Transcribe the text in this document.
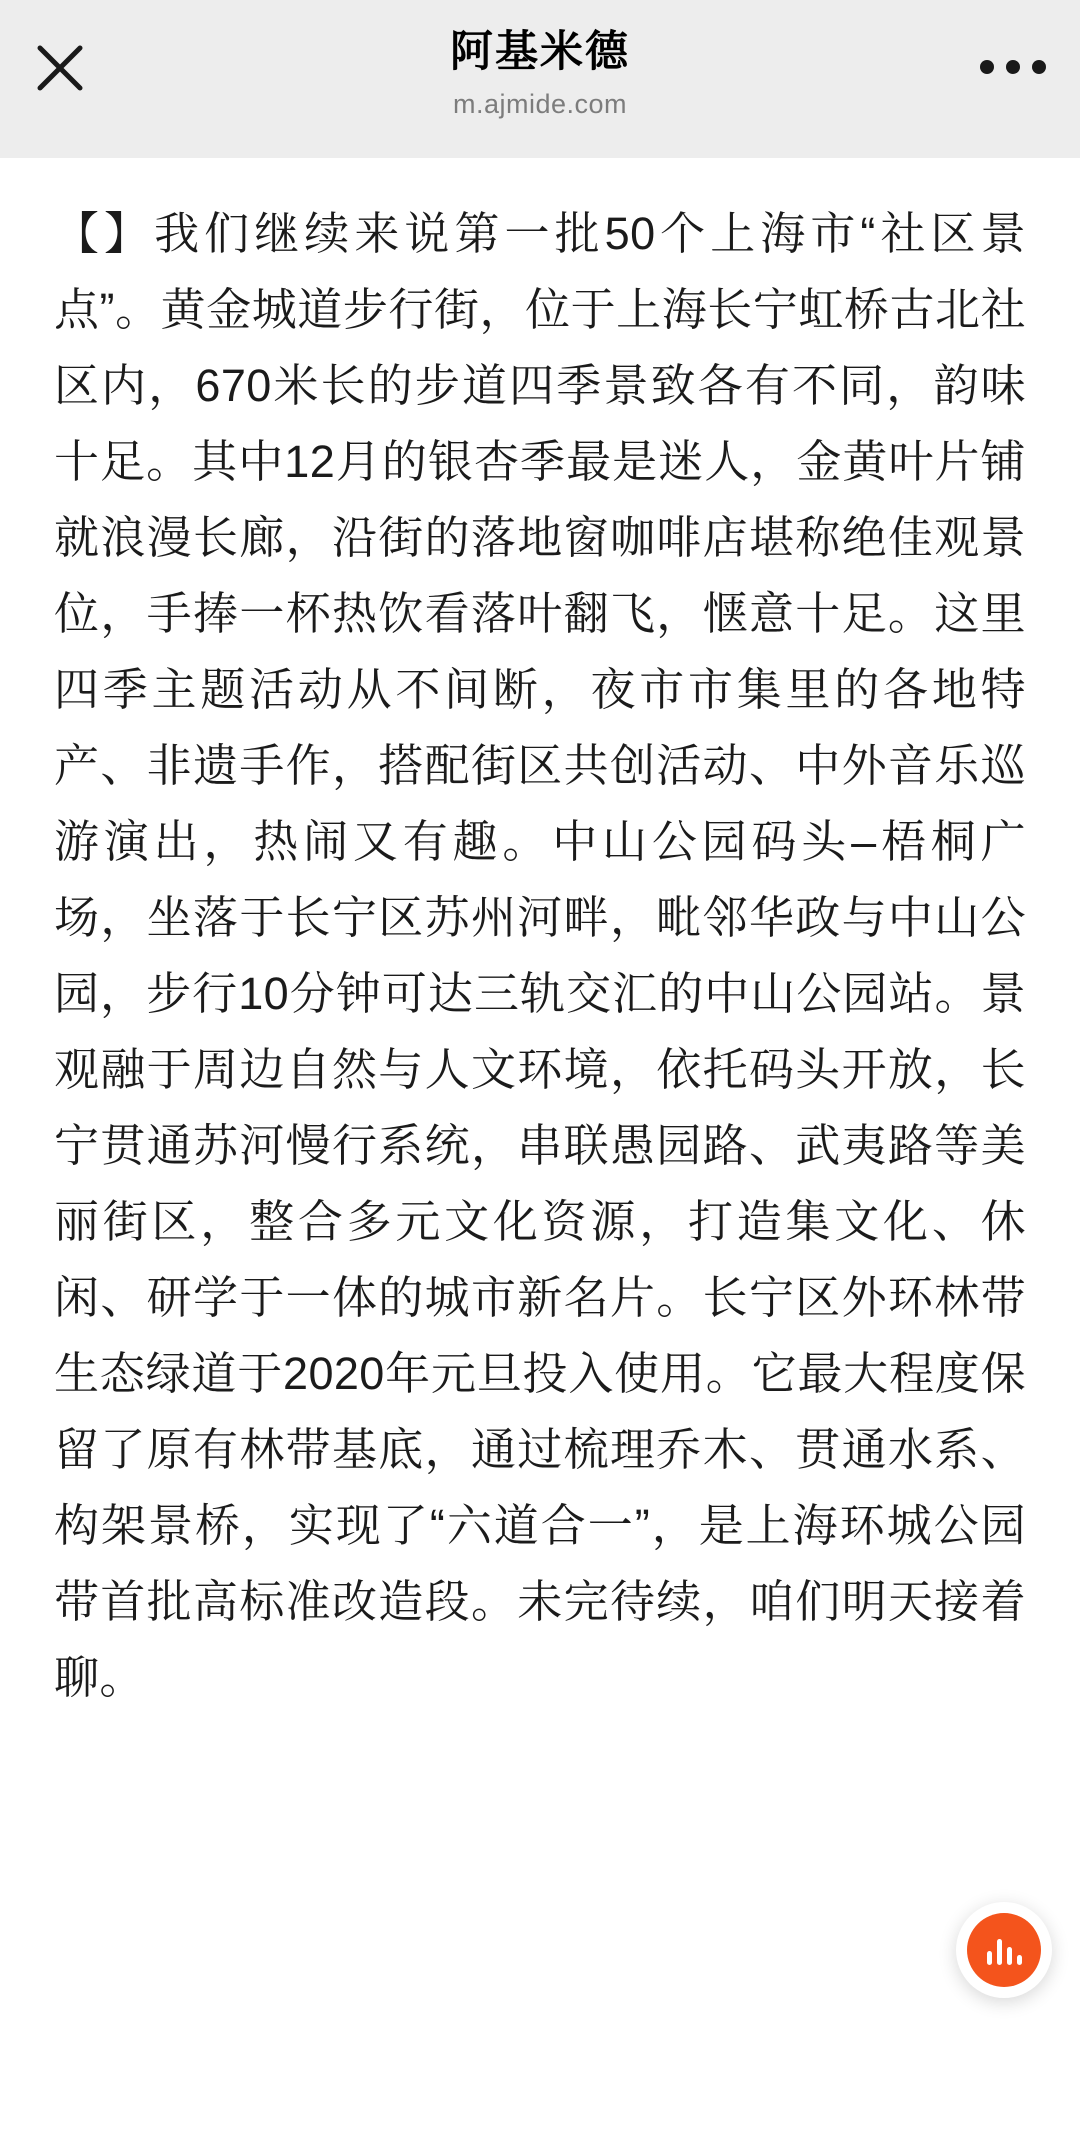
阿基米德
m.ajmide.com
【】我们继续来说第一批50个上海市“社区景点”。黄金城道步行街，位于上海长宁虹桥古北社区内，670米长的步道四季景致各有不同，韵味十足。其中12月的银杏季最是迷人，金黄叶片铺就浪漫长廊，沿街的落地窗咖啡店堪称绝佳观景位，手捧一杯热饮看落叶翻飞，惬意十足。这里四季主题活动从不间断，夜市市集里的各地特产、非遗手作，搭配街区共创活动、中外音乐巡游演出，热闹又有趣。中山公园码头–梧桐广场，坐落于长宁区苏州河畔，毗邻华政与中山公园，步行10分钟可达三轨交汇的中山公园站。景观融于周边自然与人文环境，依托码头开放，长宁贯通苏河慢行系统，串联愚园路、武夷路等美丽街区，整合多元文化资源，打造集文化、休闲、研学于一体的城市新名片。长宁区外环林带生态绿道于2020年元旦投入使用。它最大程度保留了原有林带基底，通过梳理乔木、贯通水系、构架景桥，实现了“六道合一”，是上海环城公园带首批高标准改造段。未完待续，咱们明天接着聊。
